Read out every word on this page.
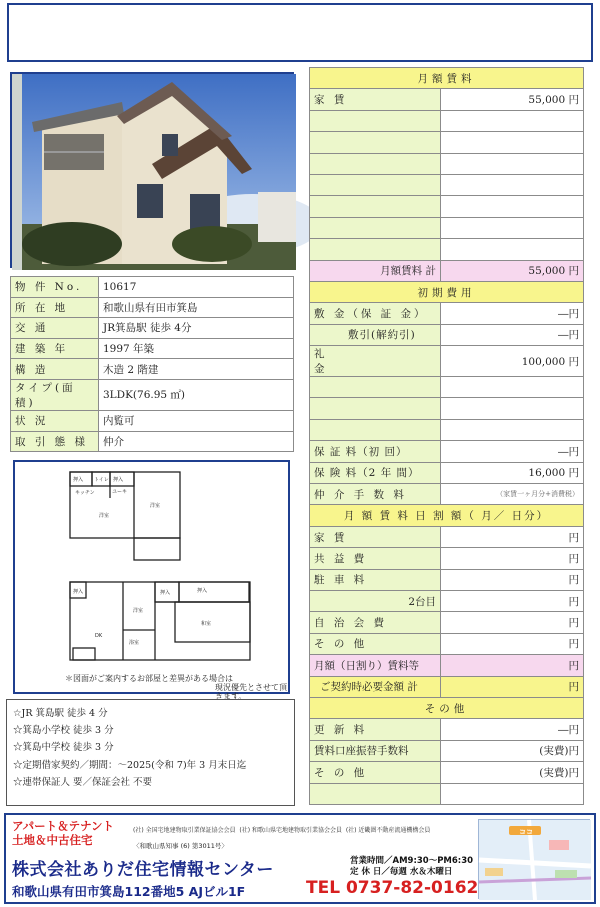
物 件 No.	10617
所 在 地	和歌山県有田市箕島
交 通	JR箕島駅 徒歩 4分
建 築 年	1997 年築
構 造	木造 2 階建
タイプ(面積)	3LDK(76.95 ㎡)
状 況	内覧可
取 引 態 様	仲介
押入 トイレ 押入
キッチン	ユーキ
洋室
洋室
押入	押入	押入
和室
洋室
DK
浴室
＊図面がご案内するお部屋と差異がある場合は
現況優先とさせて頂きます。
☆JR 箕島駅 徒歩 4 分
☆箕島小学校 徒歩 3 分
☆箕島中学校 徒歩 3 分
☆定期借家契約／期間：～2025(令和 7)年 3 月末日迄
☆連帯保証人 要／保証会社 不要
月額賃料	
家 賃	55,000 円

月額賃料 計	55,000 円
初期費用	
敷 金（保 証 金）	―円
敷引(解約引)	―円
礼 金	100,000 円

保 証 料（初 回）	―円
保 険 料（2 年 間）	16,000 円
仲 介 手 数 料	（家賃一ヶ月分+消費税）
月 額 賃 料 日 割 額（ 月／ 日分）	
家 賃	円
共 益 費	円
駐 車 料	円
2台目	円
自 治 会 費	円
そ の 他	円
月額（日割り）賃料等	円
ご契約時必要金額 計	円
その他	
更 新 料	―円
賃料口座振替手数料	(実費)円
そ の 他	(実費)円

アパート＆テナント
土地＆中古住宅
(社) 全国宅地建物取引業保証協会会員 (社) 和歌山県宅地建物取引業協会会員 (社) 近畿圏不動産流通機構会員
〈和歌山県知事 (6) 第3011号〉
株式会社ありだ住宅情報センター	営業時間／AM9:30～PM6:30
定 休 日／毎週 水＆木曜日
和歌山県有田市箕島112番地5 AJビル1F	TEL 0737-82-0162
ココ
